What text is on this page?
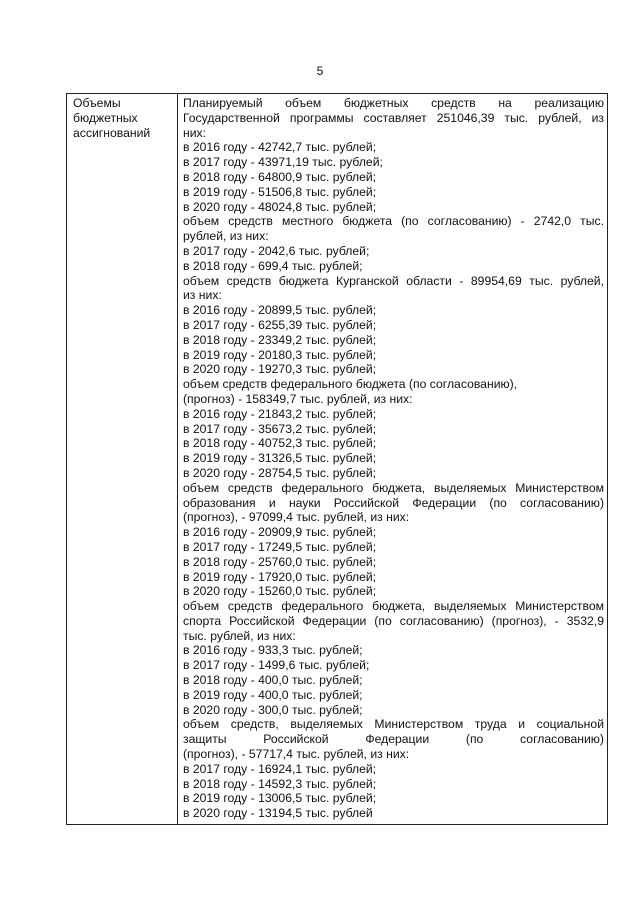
5
Объемы
бюджетных
ассигнований
Планируемый объем бюджетных средств на реализацию
Государственной программы составляет 251046,39 тыс. рублей, из
них:
в 2016 году - 42742,7 тыс. рублей;
в 2017 году - 43971,19 тыс. рублей;
в 2018 году - 64800,9 тыс. рублей;
в 2019 году - 51506,8 тыс. рублей;
в 2020 году - 48024,8 тыс. рублей;
объем средств местного бюджета (по согласованию) - 2742,0 тыс.
рублей, из них:
в 2017 году - 2042,6 тыс. рублей;
в 2018 году - 699,4 тыс. рублей;
объем средств бюджета Курганской области - 89954,69 тыс. рублей,
из них:
в 2016 году - 20899,5 тыс. рублей;
в 2017 году - 6255,39 тыс. рублей;
в 2018 году - 23349,2 тыс. рублей;
в 2019 году - 20180,3 тыс. рублей;
в 2020 году - 19270,3 тыс. рублей;
объем средств федерального бюджета (по согласованию),
(прогноз) - 158349,7 тыс. рублей, из них:
в 2016 году - 21843,2 тыс. рублей;
в 2017 году - 35673,2 тыс. рублей;
в 2018 году - 40752,3 тыс. рублей;
в 2019 году - 31326,5 тыс. рублей;
в 2020 году - 28754,5 тыс. рублей;
объем средств федерального бюджета, выделяемых Министерством
образования и науки Российской Федерации (по согласованию)
(прогноз), - 97099,4 тыс. рублей, из них:
в 2016 году - 20909,9 тыс. рублей;
в 2017 году - 17249,5 тыс. рублей;
в 2018 году - 25760,0 тыс. рублей;
в 2019 году - 17920,0 тыс. рублей;
в 2020 году - 15260,0 тыс. рублей;
объем средств федерального бюджета, выделяемых Министерством
спорта Российской Федерации (по согласованию) (прогноз), - 3532,9
тыс. рублей, из них:
в 2016 году - 933,3 тыс. рублей;
в 2017 году - 1499,6 тыс. рублей;
в 2018 году - 400,0 тыс. рублей;
в 2019 году - 400,0 тыс. рублей;
в 2020 году - 300,0 тыс. рублей;
объем средств, выделяемых Министерством труда и социальной
защиты Российской Федерации (по согласованию)
(прогноз), - 57717,4 тыс. рублей, из них:
в 2017 году - 16924,1 тыс. рублей;
в 2018 году - 14592,3 тыс. рублей;
в 2019 году - 13006,5 тыс. рублей;
в 2020 году - 13194,5 тыс. рублей
